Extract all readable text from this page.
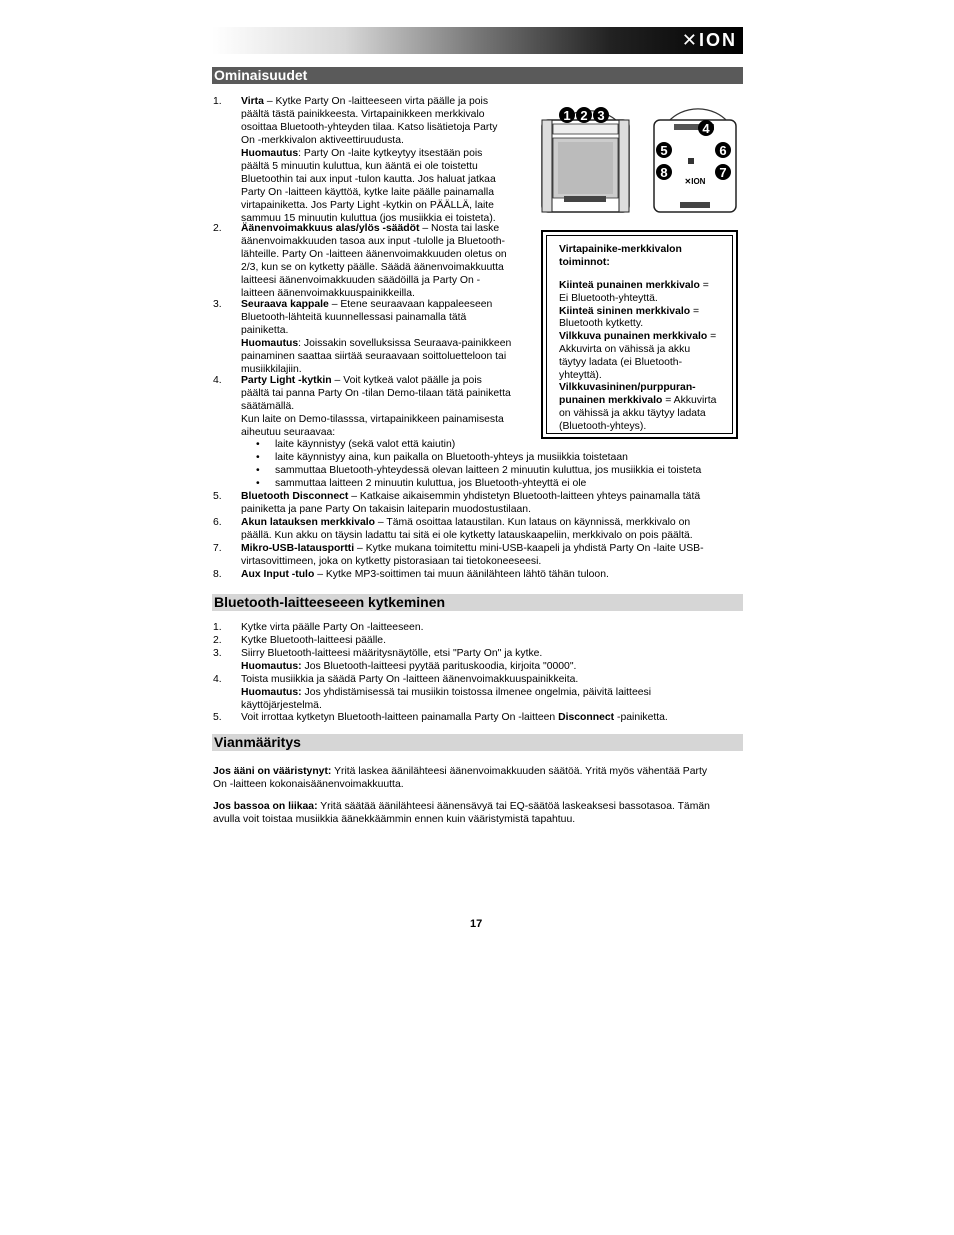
✕ION
Ominaisuudet
1. Virta – Kytke Party On -laitteeseen virta päälle ja pois
päältä tästä painikkeesta. Virtapainikkeen merkkivalo
osoittaa Bluetooth-yhteyden tilaa. Katso lisätietoja Party
On -merkkivalon aktiveettiruudusta.
Huomautus: Party On -laite kytkeytyy itsestään pois
päältä 5 minuutin kuluttua, kun ääntä ei ole toistettu
Bluetoothin tai aux input -tulon kautta. Jos haluat jatkaa
Party On -laitteen käyttöä, kytke laite päälle painamalla
virtapainiketta. Jos Party Light -kytkin on PÄÄLLÄ, laite
sammuu 15 minuutin kuluttua (jos musiikkia ei toisteta).
2. Äänenvoimakkuus alas/ylös -säädöt – Nosta tai laske
äänenvoimakkuuden tasoa aux input -tulolle ja Bluetooth-
lähteille. Party On -laitteen äänenvoimakkuuden oletus on
2/3, kun se on kytketty päälle. Säädä äänenvoimakkuutta
laitteesi äänenvoimakkuuden säädöillä ja Party On -
laitteen äänenvoimakkuuspainikkeilla.
3. Seuraava kappale – Etene seuraavaan kappaleeseen
Bluetooth-lähteitä kuunnellessasi painamalla tätä
painiketta.
Huomautus: Joissakin sovelluksissa Seuraava-painikkeen
painaminen saattaa siirtää seuraavaan soittoluetteloon tai
musiikkilajiin.
4. Party Light -kytkin – Voit kytkeä valot päälle ja pois
päältä tai panna Party On -tilan Demo-tilaan tätä painiketta
säätämällä.
Kun laite on Demo-tilasssa, virtapainikkeen painamisesta
aiheutuu seuraavaa:
• laite käynnistyy (sekä valot että kaiutin)
• laite käynnistyy aina, kun paikalla on Bluetooth-yhteys ja musiikkia toistetaan
• sammuttaa Bluetooth-yhteydessä olevan laitteen 2 minuutin kuluttua, jos musiikkia ei toisteta
• sammuttaa laitteen 2 minuutin kuluttua, jos Bluetooth-yhteyttä ei ole
5. Bluetooth Disconnect – Katkaise aikaisemmin yhdistetyn Bluetooth-laitteen yhteys painamalla tätä
painiketta ja pane Party On takaisin laiteparin muodostustilaan.
6. Akun latauksen merkkivalo – Tämä osoittaa lataustilan. Kun lataus on käynnissä, merkkivalo on
päällä. Kun akku on täysin ladattu tai sitä ei ole kytketty latauskaapeliin, merkkivalo on pois päältä.
7. Mikro-USB-latausportti – Kytke mukana toimitettu mini-USB-kaapeli ja yhdistä Party On -laite USB-
virtasovittimeen, joka on kytketty pistorasiaan tai tietokoneeseesi.
8. Aux Input -tulo – Kytke MP3-soittimen tai muun äänilähteen lähtö tähän tuloon.
1 2 3
✕ION
4
5	6
7
8
Virtapainike-merkkivalon
toiminnot:
Kiinteä punainen merkkivalo =
Ei Bluetooth-yhteyttä.
Kiinteä sininen merkkivalo =
Bluetooth kytketty.
Vilkkuva punainen merkkivalo =
Akkuvirta on vähissä ja akku
täytyy ladata (ei Bluetooth-
yhteyttä).
Vilkkuvasininen/purppuran-
punainen merkkivalo = Akkuvirta
on vähissä ja akku täytyy ladata
(Bluetooth-yhteys).
Bluetooth-laitteeseeen kytkeminen
1. Kytke virta päälle Party On -laitteeseen.
2. Kytke Bluetooth-laitteesi päälle.
3. Siirry Bluetooth-laitteesi määritysnäytölle, etsi "Party On" ja kytke.
Huomautus: Jos Bluetooth-laitteesi pyytää parituskoodia, kirjoita "0000".
4. Toista musiikkia ja säädä Party On -laitteen äänenvoimakkuuspainikkeita.
Huomautus: Jos yhdistämisessä tai musiikin toistossa ilmenee ongelmia, päivitä laitteesi
käyttöjärjestelmä.
5. Voit irrottaa kytketyn Bluetooth-laitteen painamalla Party On -laitteen Disconnect -painiketta.
Vianmääritys
Jos ääni on vääristynyt: Yritä laskea äänilähteesi äänenvoimakkuuden säätöä. Yritä myös vähentää Party
On -laitteen kokonaisäänenvoimakkuutta.
Jos bassoa on liikaa: Yritä säätää äänilähteesi äänensävyä tai EQ-säätöä laskeaksesi bassotasoa. Tämän
avulla voit toistaa musiikkia äänekkäämmin ennen kuin vääristymistä tapahtuu.
17
